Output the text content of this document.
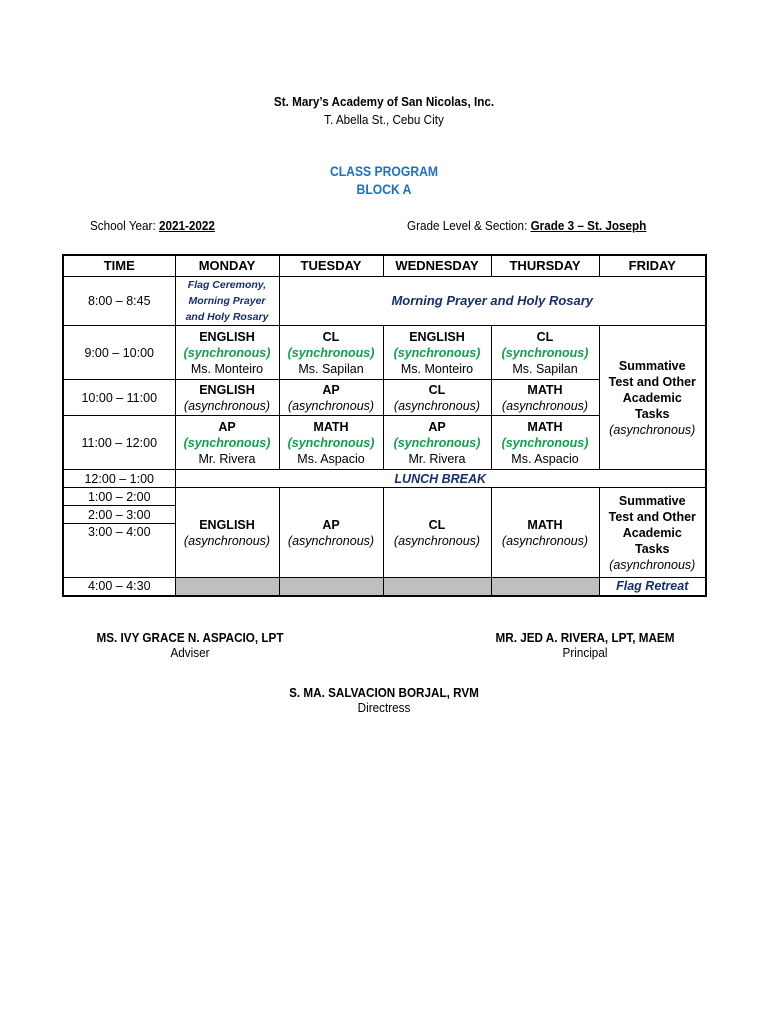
St. Mary’s Academy of San Nicolas, Inc.
T. Abella St., Cebu City
CLASS PROGRAM
BLOCK A
School Year: 2021-2022	Grade Level & Section: Grade 3 – St. Joseph
TIME	MONDAY	TUESDAY	WEDNESDAY	THURSDAY	FRIDAY
8:00 – 8:45	Flag Ceremony,
Morning Prayer
and Holy Rosary	Morning Prayer and Holy Rosary			
9:00 – 10:00	ENGLISH
(synchronous)
Ms. Monteiro	CL
(synchronous)
Ms. Sapilan	ENGLISH
(synchronous)
Ms. Monteiro	CL
(synchronous)
Ms. Sapilan	Summative
Test and Other
Academic
Tasks
(asynchronous)

10:00 – 11:00	ENGLISH
(asynchronous)	AP
(asynchronous)	CL
(asynchronous)	MATH
(asynchronous)	

11:00 – 12:00	AP
(synchronous)
Mr. Rivera	MATH
(synchronous)
Ms. Aspacio	AP
(synchronous)
Mr. Rivera	MATH
(synchronous)
Ms. Aspacio	

12:00 – 1:00	LUNCH BREAK				
1:00 – 2:00	ENGLISH
(asynchronous)	AP
(asynchronous)	CL
(asynchronous)	MATH
(asynchronous)	Summative
Test and Other
Academic
Tasks
(asynchronous)

2:00 – 3:00					
3:00 – 4:00					
4:00 – 4:30					Flag Retreat
MS. IVY GRACE N. ASPACIO, LPT
Adviser
MR. JED A. RIVERA, LPT, MAEM
Principal
S. MA. SALVACION BORJAL, RVM
Directress
